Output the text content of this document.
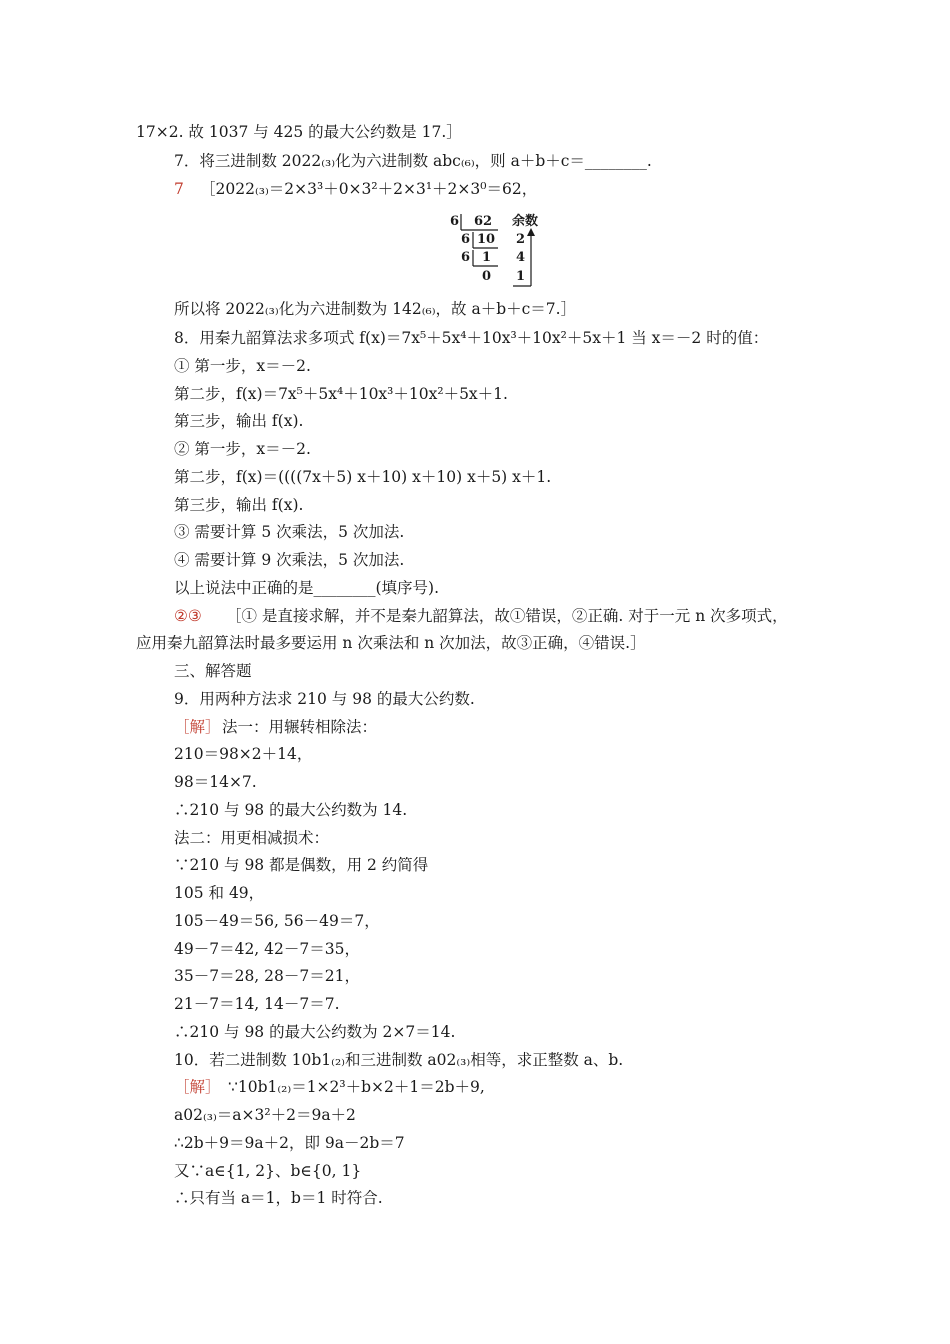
17×2. 故 1037 与 425 的最大公约数是 17.］
7．将三进制数 2022₍₃₎化为六进制数 abc₍₆₎，则 a＋b＋c＝________.
7 ［2022₍₃₎＝2×3³＋0×3²＋2×3¹＋2×3⁰＝62，
6 62 余数
6 10 2
6 1 4
0 1
所以将 2022₍₃₎化为六进制数为 142₍₆₎，故 a＋b＋c＝7.］
8．用秦九韶算法求多项式 f(x)＝7x⁵＋5x⁴＋10x³＋10x²＋5x＋1 当 x＝－2 时的值：
① 第一步，x＝－2.
第二步，f(x)＝7x⁵＋5x⁴＋10x³＋10x²＋5x＋1.
第三步，输出 f(x).
② 第一步，x＝－2.
第二步，f(x)＝((((7x＋5) x＋10) x＋10) x＋5) x＋1.
第三步，输出 f(x).
③ 需要计算 5 次乘法，5 次加法.
④ 需要计算 9 次乘法，5 次加法.
以上说法中正确的是________(填序号).
②③ ［① 是直接求解，并不是秦九韶算法，故①错误，②正确. 对于一元 n 次多项式，
应用秦九韶算法时最多要运用 n 次乘法和 n 次加法，故③正确，④错误.］
三、解答题
9．用两种方法求 210 与 98 的最大公约数.
［解］ 法一：用辗转相除法：
210＝98×2＋14，
98＝14×7.
∴210 与 98 的最大公约数为 14.
法二：用更相减损术：
∵210 与 98 都是偶数，用 2 约简得
105 和 49，
105－49＝56, 56－49＝7，
49－7＝42, 42－7＝35，
35－7＝28, 28－7＝21，
21－7＝14, 14－7＝7.
∴210 与 98 的最大公约数为 2×7＝14.
10．若二进制数 10b1₍₂₎和三进制数 a02₍₃₎相等，求正整数 a、b.
［解］ ∵10b1₍₂₎＝1×2³＋b×2＋1＝2b＋9,
a02₍₃₎＝a×3²＋2＝9a＋2
∴2b＋9＝9a＋2，即 9a－2b＝7
又∵a∈{1, 2}、b∈{0, 1}
∴只有当 a＝1，b＝1 时符合.
